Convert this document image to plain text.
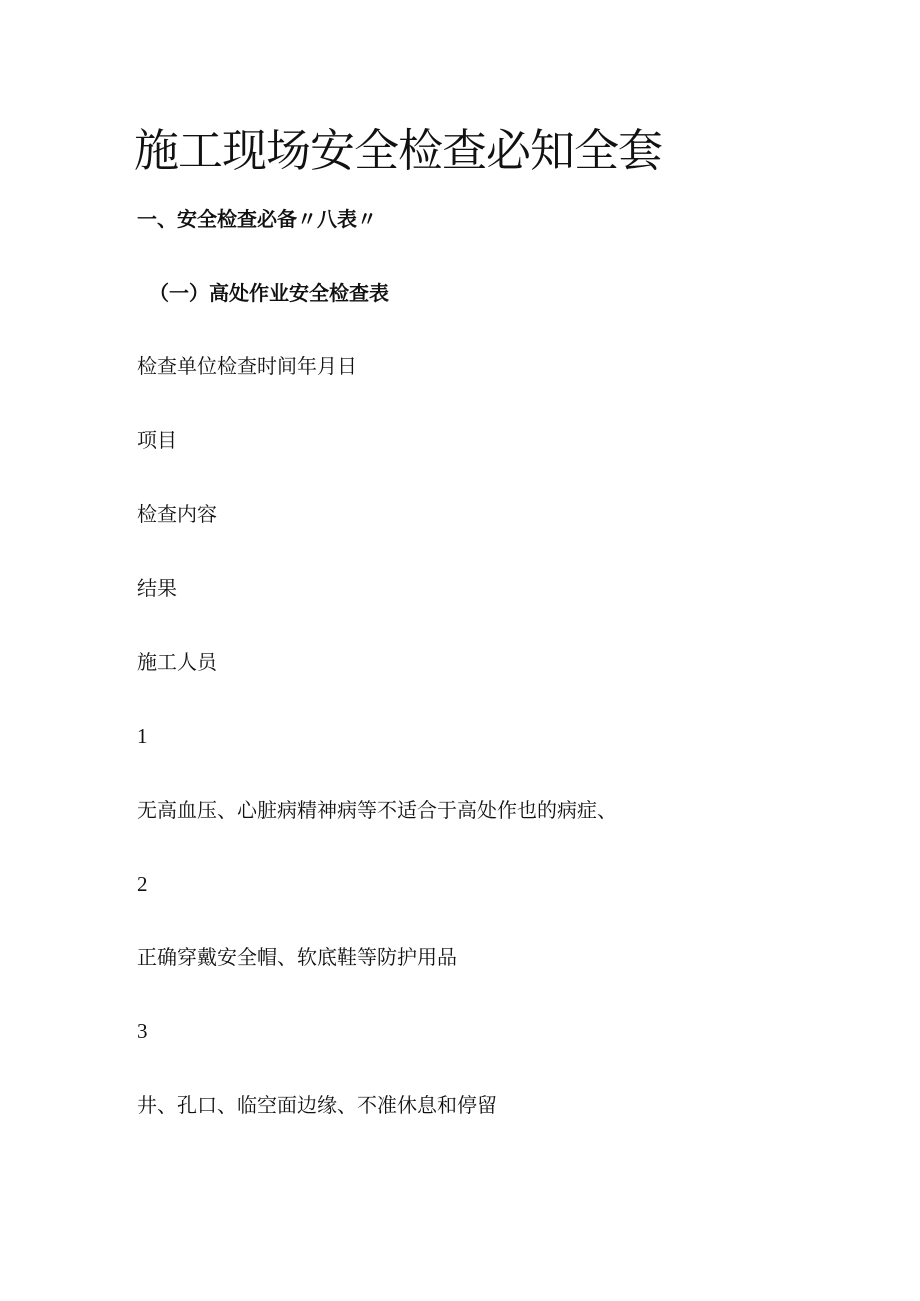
施工现场安全检查必知全套
一、安全检查必备〃八表〃
（一）高处作业安全检查表
检查单位检查时间年月日
项目
检查内容
结果
施工人员
1
无高血压、心脏病精神病等不适合于高处作也的病症、
2
正确穿戴安全帽、软底鞋等防护用品
3
井、孔口、临空面边缘、不准休息和停留
